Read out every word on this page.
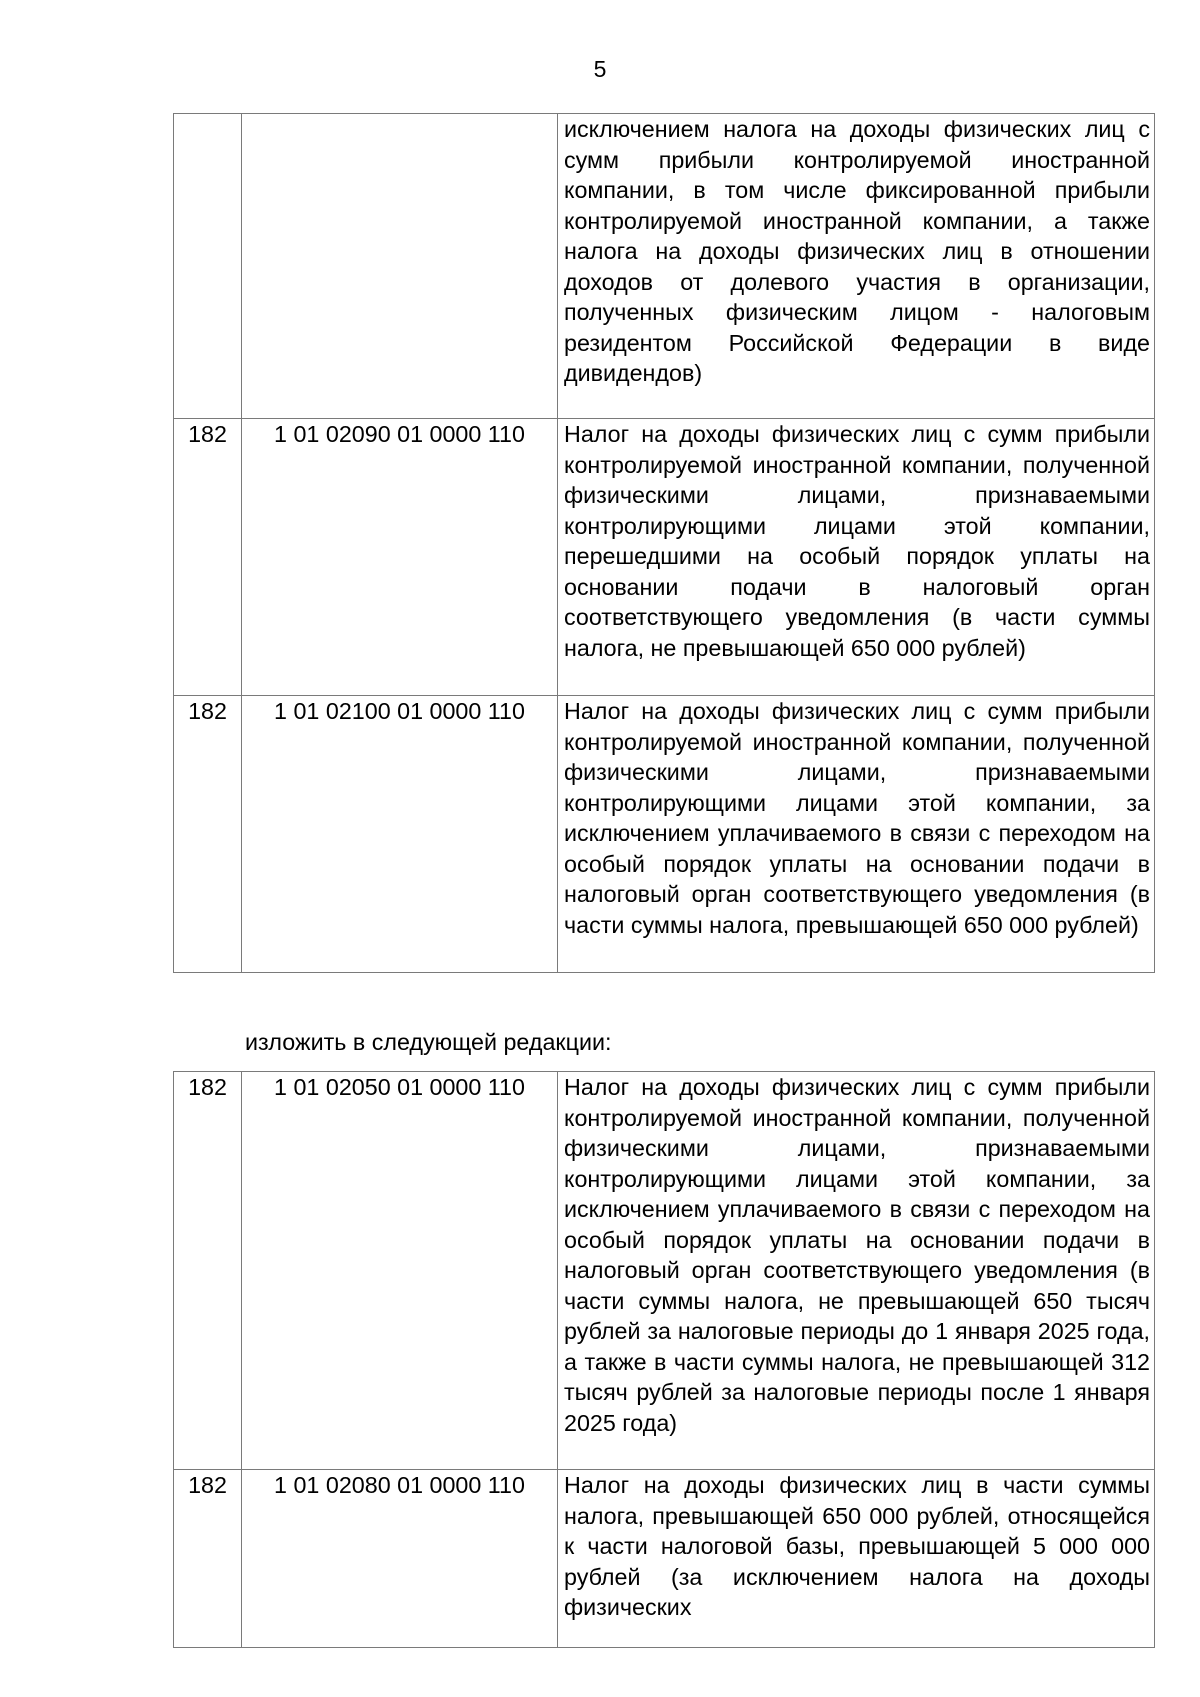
5
		исключением налога на доходы физических лиц с сумм прибыли контролируемой иностранной компании, в том числе фиксированной прибыли контролируемой иностранной компании, а также налога на доходы физических лиц в отношении доходов от долевого участия в организации, полученных физическим лицом - налоговым резидентом Российской Федерации в виде дивидендов)
182	1 01 02090 01 0000 110	Налог на доходы физических лиц с сумм прибыли контролируемой иностранной компании, полученной физическими лицами, признаваемыми контролирующими лицами этой компании, перешедшими на особый порядок уплаты на основании подачи в налоговый орган соответствующего уведомления (в части суммы налога, не превышающей 650 000 рублей)
182	1 01 02100 01 0000 110	Налог на доходы физических лиц с сумм прибыли контролируемой иностранной компании, полученной физическими лицами, признаваемыми контролирующими лицами этой компании, за исключением уплачиваемого в связи с переходом на особый порядок уплаты на основании подачи в налоговый орган соответствующего уведомления (в части суммы налога, превышающей 650 000 рублей)
изложить в следующей редакции:
182	1 01 02050 01 0000 110	Налог на доходы физических лиц с сумм прибыли контролируемой иностранной компании, полученной физическими лицами, признаваемыми контролирующими лицами этой компании, за исключением уплачиваемого в связи с переходом на особый порядок уплаты на основании подачи в налоговый орган соответствующего уведомления (в части суммы налога, не превышающей 650 тысяч рублей за налоговые периоды до 1 января 2025 года, а также в части суммы налога, не превышающей 312 тысяч рублей за налоговые периоды после 1 января 2025 года)
182	1 01 02080 01 0000 110	Налог на доходы физических лиц в части суммы налога, превышающей 650 000 рублей, относящейся к части налоговой базы, превышающей 5 000 000 рублей (за исключением налога на доходы физических
